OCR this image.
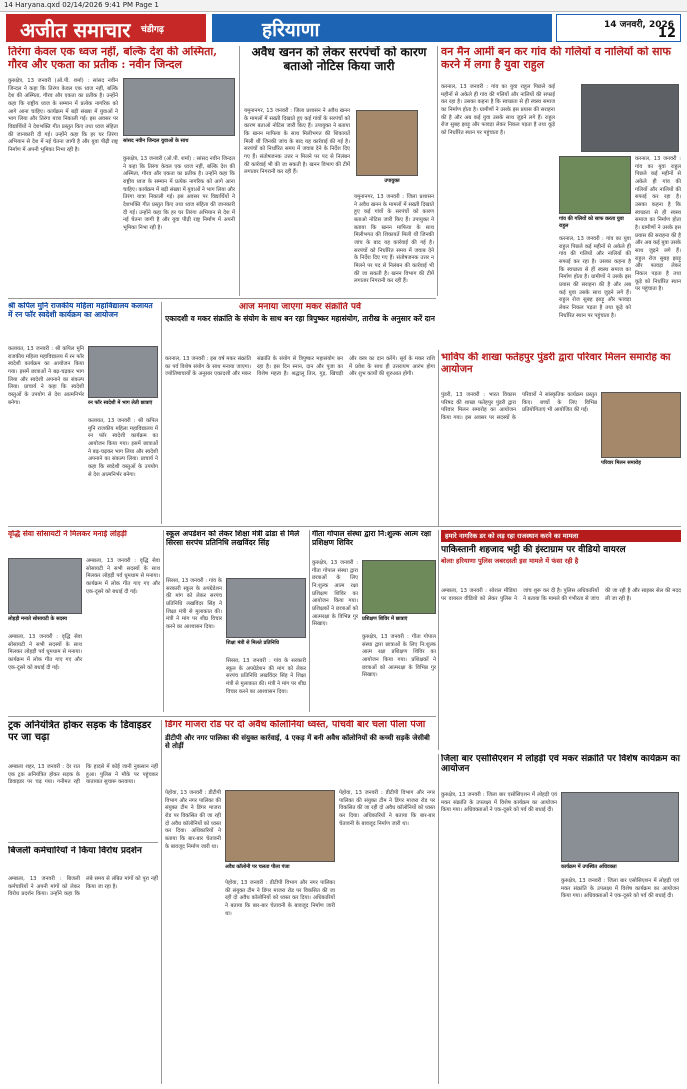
14 Haryana.qxd 02/14/2026 9:41 PM Page 1
अजीत समाचार चंडीगढ़	हरियाणा	14 जनवरी, 2026
12
तिरंगा केवल एक ध्वज नहीं, बल्कि देश की अस्मिता, गौरव और एकता का प्रतीक : नवीन जिन्दल
सांसद नवीन जिन्दल युवाओं के साथ
कुरुक्षेत्र, 13 जनवरी (ओ.पी. शर्मा) : सांसद नवीन जिन्दल ने कहा कि तिरंगा केवल एक ध्वज नहीं, बल्कि देश की अस्मिता, गौरव और एकता का प्रतीक है। उन्होंने कहा कि राष्ट्रीय ध्वज के सम्मान में प्रत्येक नागरिक को आगे आना चाहिए। कार्यक्रम में बड़ी संख्या में युवाओं ने भाग लिया और तिरंगा यात्रा निकाली गई। इस अवसर पर विद्यार्थियों ने देशभक्ति गीत प्रस्तुत किए तथा ध्वज संहिता की जानकारी दी गई। उन्होंने कहा कि हर घर तिरंगा अभियान से देश में नई चेतना जागी है और युवा पीढ़ी राष्ट्र निर्माण में अपनी भूमिका निभा रही है।
कुरुक्षेत्र, 13 जनवरी (ओ.पी. शर्मा) : सांसद नवीन जिन्दल ने कहा कि तिरंगा केवल एक ध्वज नहीं, बल्कि देश की अस्मिता, गौरव और एकता का प्रतीक है। उन्होंने कहा कि राष्ट्रीय ध्वज के सम्मान में प्रत्येक नागरिक को आगे आना चाहिए। कार्यक्रम में बड़ी संख्या में युवाओं ने भाग लिया और तिरंगा यात्रा निकाली गई। इस अवसर पर विद्यार्थियों ने देशभक्ति गीत प्रस्तुत किए तथा ध्वज संहिता की जानकारी दी गई। उन्होंने कहा कि हर घर तिरंगा अभियान से देश में नई चेतना जागी है और युवा पीढ़ी राष्ट्र निर्माण में अपनी भूमिका निभा रही है।
अवैध खनन को लेकर सरपंचों को कारण बताओ नोटिस किया जारी
उपायुक्त
यमुनानगर, 13 जनवरी : जिला प्रशासन ने अवैध खनन के मामलों में सख्ती दिखाते हुए कई गांवों के सरपंचों को कारण बताओ नोटिस जारी किए हैं। उपायुक्त ने बताया कि खनन माफिया के साथ मिलीभगत की शिकायतें मिली थीं जिनकी जांच के बाद यह कार्रवाई की गई है। सरपंचों को निर्धारित समय में जवाब देने के निर्देश दिए गए हैं। संतोषजनक उत्तर न मिलने पर पद से निलंबन की कार्रवाई भी की जा सकती है। खनन विभाग की टीमें लगातार निगरानी कर रही हैं।
यमुनानगर, 13 जनवरी : जिला प्रशासन ने अवैध खनन के मामलों में सख्ती दिखाते हुए कई गांवों के सरपंचों को कारण बताओ नोटिस जारी किए हैं। उपायुक्त ने बताया कि खनन माफिया के साथ मिलीभगत की शिकायतें मिली थीं जिनकी जांच के बाद यह कार्रवाई की गई है। सरपंचों को निर्धारित समय में जवाब देने के निर्देश दिए गए हैं। संतोषजनक उत्तर न मिलने पर पद से निलंबन की कार्रवाई भी की जा सकती है। खनन विभाग की टीमें लगातार निगरानी कर रही हैं।
वन मैन आर्मी बन कर गांव की गलियों व नालियों को साफ करने में लगा है युवा राहुल
गांव की गलियों को साफ करता युवा राहुल
करनाल, 13 जनवरी : गांव का युवा राहुल पिछले कई महीनों से अकेले ही गांव की गलियों और नालियों की सफाई कर रहा है। उसका कहना है कि स्वच्छता से ही स्वस्थ समाज का निर्माण होता है। ग्रामीणों ने उसके इस प्रयास की सराहना की है और अब कई युवा उसके साथ जुड़ने लगे हैं। राहुल रोज सुबह झाड़ू और फावड़ा लेकर निकल पड़ता है तथा कूड़े को निर्धारित स्थान पर पहुंचाता है।
करनाल, 13 जनवरी : गांव का युवा राहुल पिछले कई महीनों से अकेले ही गांव की गलियों और नालियों की सफाई कर रहा है। उसका कहना है कि स्वच्छता से ही स्वस्थ समाज का निर्माण होता है। ग्रामीणों ने उसके इस प्रयास की सराहना की है और अब कई युवा उसके साथ जुड़ने लगे हैं। राहुल रोज सुबह झाड़ू और फावड़ा लेकर निकल पड़ता है तथा कूड़े को निर्धारित स्थान पर पहुंचाता है।
करनाल, 13 जनवरी : गांव का युवा राहुल पिछले कई महीनों से अकेले ही गांव की गलियों और नालियों की सफाई कर रहा है। उसका कहना है कि स्वच्छता से ही स्वस्थ समाज का निर्माण होता है। ग्रामीणों ने उसके इस प्रयास की सराहना की है और अब कई युवा उसके साथ जुड़ने लगे हैं। राहुल रोज सुबह झाड़ू और फावड़ा लेकर निकल पड़ता है तथा कूड़े को निर्धारित स्थान पर पहुंचाता है।
श्री कपिल मुनि राजकीय महिला महाविद्यालय कलायत में रन फॉर स्वदेशी कार्यक्रम का आयोजन
रन फॉर स्वदेशी में भाग लेती छात्राएं
कलायत, 13 जनवरी : श्री कपिल मुनि राजकीय महिला महाविद्यालय में रन फॉर स्वदेशी कार्यक्रम का आयोजन किया गया। इसमें छात्राओं ने बढ़-चढ़कर भाग लिया और स्वदेशी अपनाने का संकल्प लिया। प्राचार्य ने कहा कि स्वदेशी वस्तुओं के उपयोग से देश आत्मनिर्भर बनेगा।
कलायत, 13 जनवरी : श्री कपिल मुनि राजकीय महिला महाविद्यालय में रन फॉर स्वदेशी कार्यक्रम का आयोजन किया गया। इसमें छात्राओं ने बढ़-चढ़कर भाग लिया और स्वदेशी अपनाने का संकल्प लिया। प्राचार्य ने कहा कि स्वदेशी वस्तुओं के उपयोग से देश आत्मनिर्भर बनेगा।
आज मनाया जाएगा मकर संक्रांति पर्व
एकादशी व मकर संक्रांति के संयोग के साथ बन रहा त्रिपुष्कर महासंयोग, तारीख के अनुसार करें दान
करनाल, 13 जनवरी : इस वर्ष मकर संक्रांति का पर्व विशेष संयोग के साथ मनाया जाएगा। ज्योतिषाचार्यों के अनुसार एकादशी और मकर संक्रांति के संयोग से त्रिपुष्कर महासंयोग बन रहा है। इस दिन स्नान, दान और पूजा का विशेष महत्व है। श्रद्धालु तिल, गुड़, खिचड़ी और वस्त्र का दान करेंगे। सूर्य के मकर राशि में प्रवेश के साथ ही उत्तरायण आरंभ होगा और शुभ कार्यों की शुरुआत होगी।
भाविप की शाखा फतेहपुर पुंडरी द्वारा परिवार मिलन समारोह का आयोजन
परिवार मिलन समारोह
पुंडरी, 13 जनवरी : भारत विकास परिषद की शाखा फतेहपुर पुंडरी द्वारा परिवार मिलन समारोह का आयोजन किया गया। इस अवसर पर सदस्यों के परिवारों ने सांस्कृतिक कार्यक्रम प्रस्तुत किए। बच्चों के लिए विभिन्न प्रतियोगिताएं भी आयोजित की गईं।
वृद्धि सेवा सोसायटी ने मिलकर मनाई लोहड़ी
लोहड़ी मनाते सोसायटी के सदस्य
अम्बाला, 13 जनवरी : वृद्धि सेवा सोसायटी ने सभी सदस्यों के साथ मिलकर लोहड़ी पर्व धूमधाम से मनाया। कार्यक्रम में लोक गीत गाए गए और एक-दूसरे को बधाई दी गई।
अम्बाला, 13 जनवरी : वृद्धि सेवा सोसायटी ने सभी सदस्यों के साथ मिलकर लोहड़ी पर्व धूमधाम से मनाया। कार्यक्रम में लोक गीत गाए गए और एक-दूसरे को बधाई दी गई।
स्कूल अपडेशन को लेकर शिक्षा मंत्री ढांडा से मिले सिरसा सरपंच प्रतिनिधि लखविंदर सिंह
शिक्षा मंत्री से मिलते प्रतिनिधि
सिरसा, 13 जनवरी : गांव के सरकारी स्कूल के अपग्रेडेशन की मांग को लेकर सरपंच प्रतिनिधि लखविंदर सिंह ने शिक्षा मंत्री से मुलाकात की। मंत्री ने मांग पर शीघ्र विचार करने का आश्वासन दिया।
सिरसा, 13 जनवरी : गांव के सरकारी स्कूल के अपग्रेडेशन की मांग को लेकर सरपंच प्रतिनिधि लखविंदर सिंह ने शिक्षा मंत्री से मुलाकात की। मंत्री ने मांग पर शीघ्र विचार करने का आश्वासन दिया।
गीता गोपाल संस्था द्वारा नि:शुल्क आत्म रक्षा प्रशिक्षण शिविर
प्रशिक्षण शिविर में छात्राएं
कुरुक्षेत्र, 13 जनवरी : गीता गोपाल संस्था द्वारा छात्राओं के लिए नि:शुल्क आत्म रक्षा प्रशिक्षण शिविर का आयोजन किया गया। प्रशिक्षकों ने छात्राओं को आत्मरक्षा के विभिन्न गुर सिखाए।
कुरुक्षेत्र, 13 जनवरी : गीता गोपाल संस्था द्वारा छात्राओं के लिए नि:शुल्क आत्म रक्षा प्रशिक्षण शिविर का आयोजन किया गया। प्रशिक्षकों ने छात्राओं को आत्मरक्षा के विभिन्न गुर सिखाए।
हमारे नागरिक डर को लड़ रहा राजस्थान करने का मामला
पाकिस्तानी शहजाद भट्टी की इंस्टाग्राम पर वीडियो वायरल
बोलाः हरियाणा पुलिस जबरदस्ती इस मामले में फंसा रही है
अम्बाला, 13 जनवरी : सोशल मीडिया पर वायरल वीडियो को लेकर पुलिस ने जांच शुरू कर दी है। पुलिस अधिकारियों ने बताया कि मामले की गंभीरता से जांच की जा रही है और साइबर सेल की मदद ली जा रही है।
जिला बार एसोसिएशन में लोहड़ी एवं मकर संक्रांति पर विशेष कार्यक्रम का आयोजन
कार्यक्रम में उपस्थित अधिवक्ता
कुरुक्षेत्र, 13 जनवरी : जिला बार एसोसिएशन में लोहड़ी एवं मकर संक्रांति के उपलक्ष्य में विशेष कार्यक्रम का आयोजन किया गया। अधिवक्ताओं ने एक-दूसरे को पर्व की बधाई दी।
कुरुक्षेत्र, 13 जनवरी : जिला बार एसोसिएशन में लोहड़ी एवं मकर संक्रांति के उपलक्ष्य में विशेष कार्यक्रम का आयोजन किया गया। अधिवक्ताओं ने एक-दूसरे को पर्व की बधाई दी।
ट्रक अनियंत्रित होकर सड़क के डिवाइडर पर जा चढ़ा
अम्बाला शहर, 13 जनवरी : देर रात एक ट्रक अनियंत्रित होकर सड़क के डिवाइडर पर चढ़ गया। गनीमत रही कि हादसे में कोई जानी नुकसान नहीं हुआ। पुलिस ने मौके पर पहुंचकर यातायात सुचारू करवाया।
बिजली कर्मचारियों ने किया विरोध प्रदर्शन
अम्बाला, 13 जनवरी : बिजली कर्मचारियों ने अपनी मांगों को लेकर विरोध प्रदर्शन किया। उन्होंने कहा कि लंबे समय से लंबित मांगों को पूरा नहीं किया जा रहा है।
डिंगर माजरा रोड पर दो अवैध कॉलोनियां ध्वस्त, पांचवीं बार चला पीला पंजा
डीटीपी और नगर पालिका की संयुक्त कार्रवाई, 4 एकड़ में बनी अवैध कॉलोनियों की कच्ची सड़कें जेसीबी से तोड़ीं
अवैध कॉलोनी पर चलता पीला पंजा
पेहोवा, 13 जनवरी : डीटीपी विभाग और नगर पालिका की संयुक्त टीम ने डिंगर माजरा रोड पर विकसित की जा रही दो अवैध कॉलोनियों को ध्वस्त कर दिया। अधिकारियों ने बताया कि बार-बार चेतावनी के बावजूद निर्माण जारी था।
पेहोवा, 13 जनवरी : डीटीपी विभाग और नगर पालिका की संयुक्त टीम ने डिंगर माजरा रोड पर विकसित की जा रही दो अवैध कॉलोनियों को ध्वस्त कर दिया। अधिकारियों ने बताया कि बार-बार चेतावनी के बावजूद निर्माण जारी था।
पेहोवा, 13 जनवरी : डीटीपी विभाग और नगर पालिका की संयुक्त टीम ने डिंगर माजरा रोड पर विकसित की जा रही दो अवैध कॉलोनियों को ध्वस्त कर दिया। अधिकारियों ने बताया कि बार-बार चेतावनी के बावजूद निर्माण जारी था।
